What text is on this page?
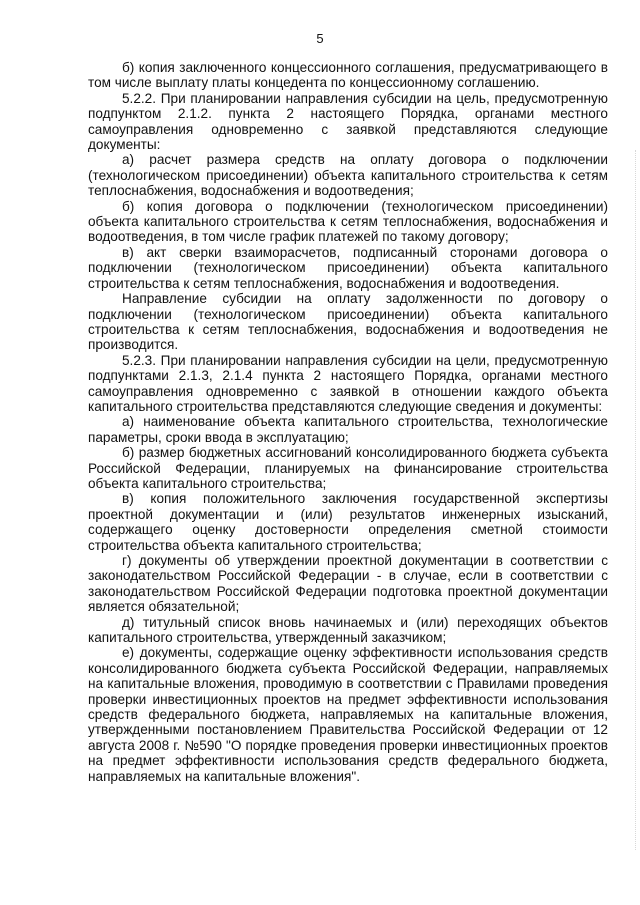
5

б) копия заключенного концессионного соглашения, предусматривающего в том числе выплату платы концедента по концессионному соглашению.

5.2.2. При планировании направления субсидии на цель, предусмотренную подпунктом 2.1.2. пункта 2 настоящего Порядка, органами местного самоуправления одновременно с заявкой представляются следующие документы:

а) расчет размера средств на оплату договора о подключении (технологическом присоединении) объекта капитального строительства к сетям теплоснабжения, водоснабжения и водоотведения;

б) копия договора о подключении (технологическом присоединении) объекта капитального строительства к сетям теплоснабжения, водоснабжения и водоотведения, в том числе график платежей по такому договору;

в) акт сверки взаиморасчетов, подписанный сторонами договора о подключении (технологическом присоединении) объекта капитального строительства к сетям теплоснабжения, водоснабжения и водоотведения.

Направление субсидии на оплату задолженности по договору о подключении (технологическом присоединении) объекта капитального строительства к сетям теплоснабжения, водоснабжения и водоотведения не производится.

5.2.3. При планировании направления субсидии на цели, предусмотренную подпунктами 2.1.3, 2.1.4 пункта 2 настоящего Порядка, органами местного самоуправления одновременно с заявкой в отношении каждого объекта капитального строительства представляются следующие сведения и документы:

а) наименование объекта капитального строительства, технологические параметры, сроки ввода в эксплуатацию;

б) размер бюджетных ассигнований консолидированного бюджета субъекта Российской Федерации, планируемых на финансирование строительства объекта капитального строительства;

в) копия положительного заключения государственной экспертизы проектной документации и (или) результатов инженерных изысканий, содержащего оценку достоверности определения сметной стоимости строительства объекта капитального строительства;

г) документы об утверждении проектной документации в соответствии с законодательством Российской Федерации - в случае, если в соответствии с законодательством Российской Федерации подготовка проектной документации является обязательной;

д) титульный список вновь начинаемых и (или) переходящих объектов капитального строительства, утвержденный заказчиком;

е) документы, содержащие оценку эффективности использования средств консолидированного бюджета субъекта Российской Федерации, направляемых на капитальные вложения, проводимую в соответствии с Правилами проведения проверки инвестиционных проектов на предмет эффективности использования средств федерального бюджета, направляемых на капитальные вложения, утвержденными постановлением Правительства Российской Федерации от 12 августа 2008 г. №590 "О порядке проведения проверки инвестиционных проектов на предмет эффективности использования средств федерального бюджета, направляемых на капитальные вложения".
